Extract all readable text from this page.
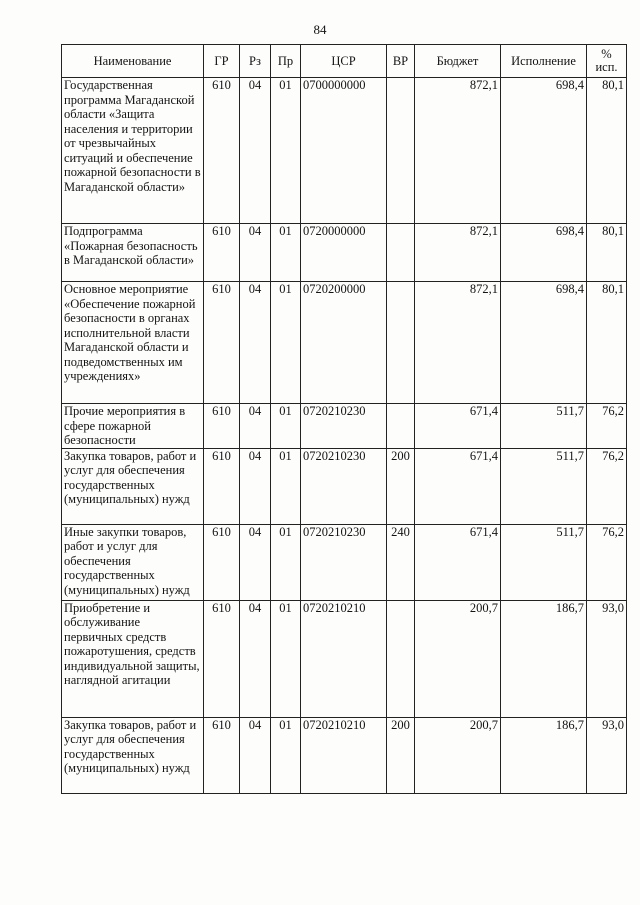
84
Наименование	ГР	Рз	Пр	ЦСР	ВР	Бюджет	Исполнение	%
исп.
Государственная программа Магаданской области «Защита населения и территории от чрезвычайных ситуаций и обеспечение пожарной безопасности в Магаданской области»	610	04	01	0700000000		872,1	698,4	80,1
Подпрограмма «Пожарная безопасность в Магаданской области»	610	04	01	0720000000		872,1	698,4	80,1
Основное мероприятие «Обеспечение пожарной безопасности в органах исполнительной власти Магаданской области и подведомственных им учреждениях»	610	04	01	0720200000		872,1	698,4	80,1
Прочие мероприятия в сфере пожарной безопасности	610	04	01	0720210230		671,4	511,7	76,2
Закупка товаров, работ и услуг для обеспечения государственных (муниципальных) нужд	610	04	01	0720210230	200	671,4	511,7	76,2
Иные закупки товаров, работ и услуг для обеспечения государственных (муниципальных) нужд	610	04	01	0720210230	240	671,4	511,7	76,2
Приобретение и обслуживание первичных средств пожаротушения, средств индивидуальной защиты, наглядной агитации	610	04	01	0720210210		200,7	186,7	93,0
Закупка товаров, работ и услуг для обеспечения государственных (муниципальных) нужд	610	04	01	0720210210	200	200,7	186,7	93,0
